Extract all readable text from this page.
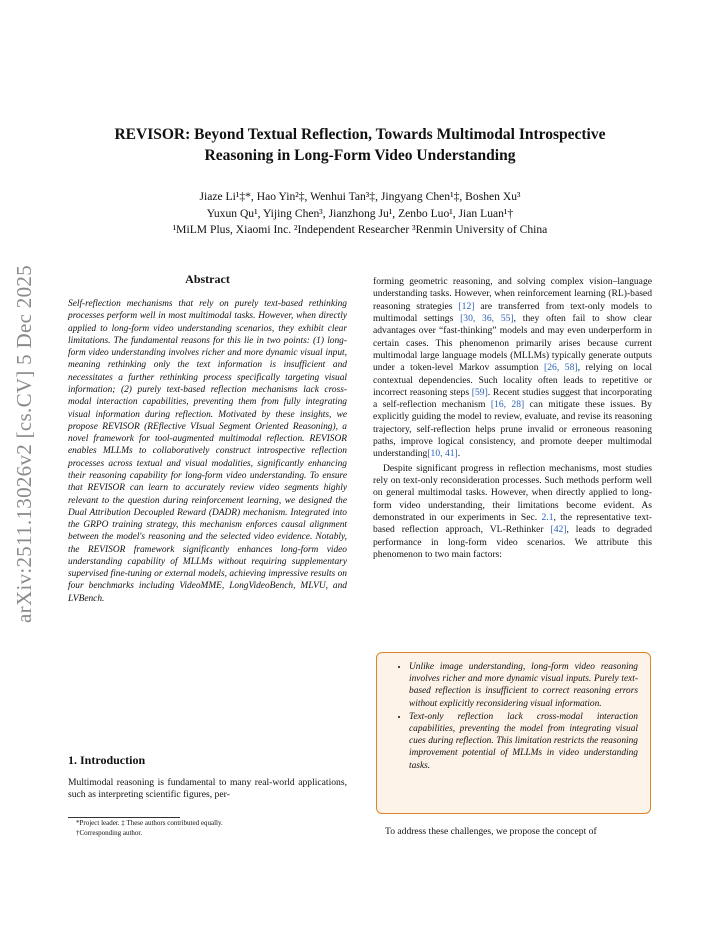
arXiv:2511.13026v2 [cs.CV] 5 Dec 2025
REVISOR: Beyond Textual Reflection, Towards Multimodal Introspective
Reasoning in Long-Form Video Understanding
Jiaze Li¹‡*, Hao Yin²‡, Wenhui Tan³‡, Jingyang Chen¹‡, Boshen Xu³
Yuxun Qu¹, Yijing Chen³, Jianzhong Ju¹, Zenbo Luo¹, Jian Luan¹†
¹MiLM Plus, Xiaomi Inc. ²Independent Researcher ³Renmin University of China
Abstract

Self-reflection mechanisms that rely on purely text-based rethinking processes perform well in most multimodal tasks. However, when directly applied to long-form video understanding scenarios, they exhibit clear limitations. The fundamental reasons for this lie in two points: (1) long-form video understanding involves richer and more dynamic visual input, meaning rethinking only the text information is insufficient and necessitates a further rethinking process specifically targeting visual information; (2) purely text-based reflection mechanisms lack cross-modal interaction capabilities, preventing them from fully integrating visual information during reflection. Motivated by these insights, we propose REVISOR (REflective VIsual Segment Oriented Reasoning), a novel framework for tool-augmented multimodal reflection. REVISOR enables MLLMs to collaboratively construct introspective reflection processes across textual and visual modalities, significantly enhancing their reasoning capability for long-form video understanding. To ensure that REVISOR can learn to accurately review video segments highly relevant to the question during reinforcement learning, we designed the Dual Attribution Decoupled Reward (DADR) mechanism. Integrated into the GRPO training strategy, this mechanism enforces causal alignment between the model's reasoning and the selected video evidence. Notably, the REVISOR framework significantly enhances long-form video understanding capability of MLLMs without requiring supplementary supervised fine-tuning or external models, achieving impressive results on four benchmarks including VideoMME, LongVideoBench, MLVU, and LVBench.

1. Introduction

Multimodal reasoning is fundamental to many real-world applications, such as interpreting scientific figures, per-

*Project leader. ‡ These authors contributed equally.
†Corresponding author.

forming geometric reasoning, and solving complex vision–language understanding tasks. However, when reinforcement learning (RL)-based reasoning strategies [12] are transferred from text-only models to multimodal settings [30, 36, 55], they often fail to show clear advantages over “fast-thinking” models and may even underperform in certain cases. This phenomenon primarily arises because current multimodal large language models (MLLMs) typically generate outputs under a token-level Markov assumption [26, 58], relying on local contextual dependencies. Such locality often leads to repetitive or incorrect reasoning steps [59]. Recent studies suggest that incorporating a self-reflection mechanism [16, 28] can mitigate these issues. By explicitly guiding the model to review, evaluate, and revise its reasoning trajectory, self-reflection helps prune invalid or erroneous reasoning paths, improve logical consistency, and promote deeper multimodal understanding[10, 41].

Despite significant progress in reflection mechanisms, most studies rely on text-only reconsideration processes. Such methods perform well on general multimodal tasks. However, when directly applied to long-form video understanding, their limitations become evident. As demonstrated in our experiments in Sec. 2.1, the representative text-based reflection approach, VL-Rethinker [42], leads to degraded performance in long-form video scenarios. We attribute this phenomenon to two main factors:

• Unlike image understanding, long-form video reasoning involves richer and more dynamic visual inputs. Purely text-based reflection is insufficient to correct reasoning errors without explicitly reconsidering visual information.
• Text-only reflection lack cross-modal interaction capabilities, preventing the model from integrating visual cues during reflection. This limitation restricts the reasoning improvement potential of MLLMs in video understanding tasks.
To address these challenges, we propose the concept of
